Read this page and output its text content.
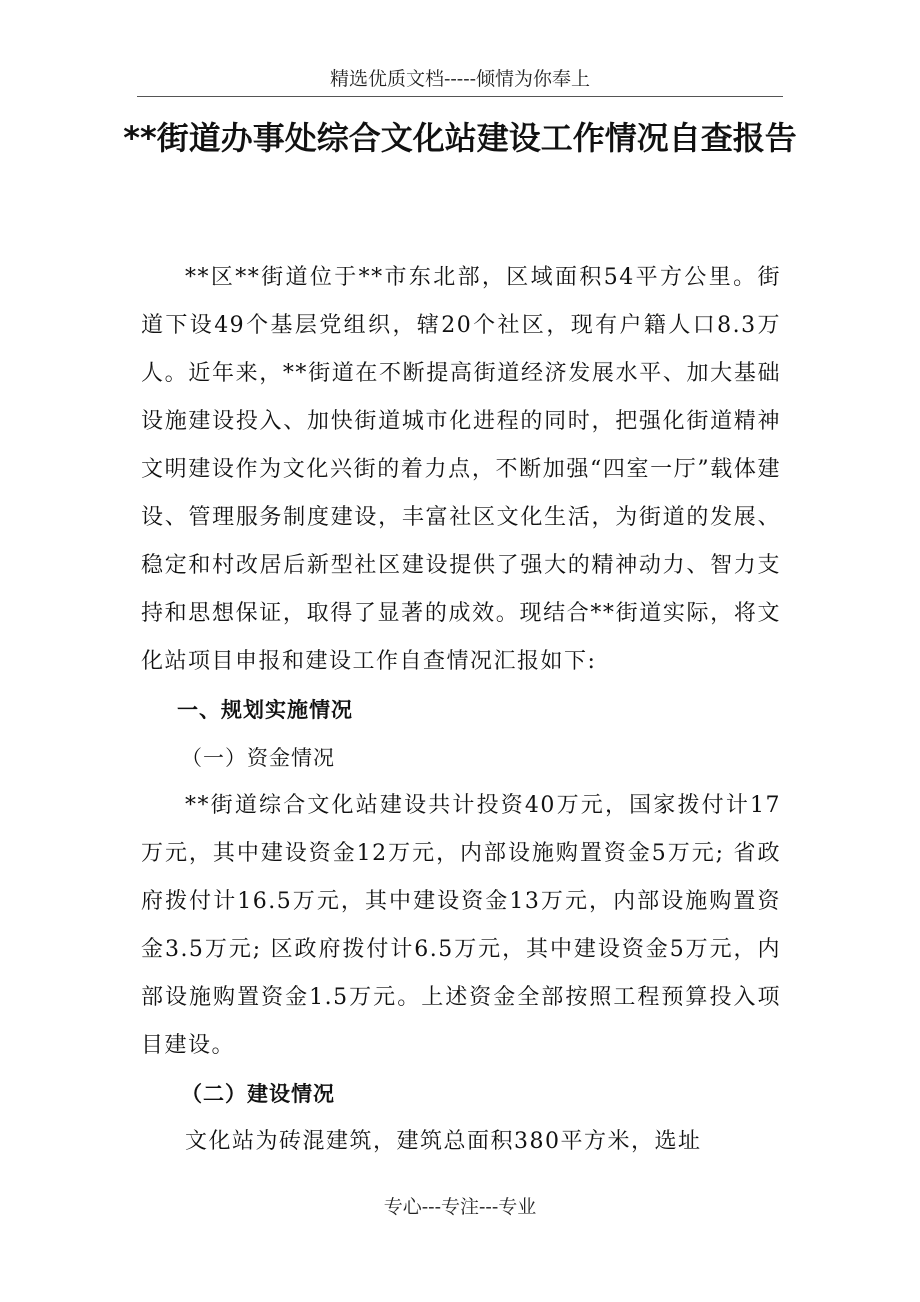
精选优质文档-----倾情为你奉上
**街道办事处综合文化站建设工作情况自查报告

**区**街道位于**市东北部，区域面积54平方公里。街道下设49个基层党组织，辖20个社区，现有户籍人口8.3万人。近年来，**街道在不断提高街道经济发展水平、加大基础设施建设投入、加快街道城市化进程的同时，把强化街道精神文明建设作为文化兴街的着力点，不断加强“四室一厅”载体建设、管理服务制度建设，丰富社区文化生活，为街道的发展、稳定和村改居后新型社区建设提供了强大的精神动力、智力支持和思想保证，取得了显著的成效。现结合**街道实际，将文化站项目申报和建设工作自查情况汇报如下:

一、规划实施情况

（一）资金情况

**街道综合文化站建设共计投资40万元，国家拨付计17万元，其中建设资金12万元，内部设施购置资金5万元; 省政府拨付计16.5万元，其中建设资金13万元，内部设施购置资金3.5万元; 区政府拨付计6.5万元，其中建设资金5万元，内部设施购置资金1.5万元。上述资金全部按照工程预算投入项目建设。

（二）建设情况

文化站为砖混建筑，建筑总面积380平方米，选址

专心---专注---专业
